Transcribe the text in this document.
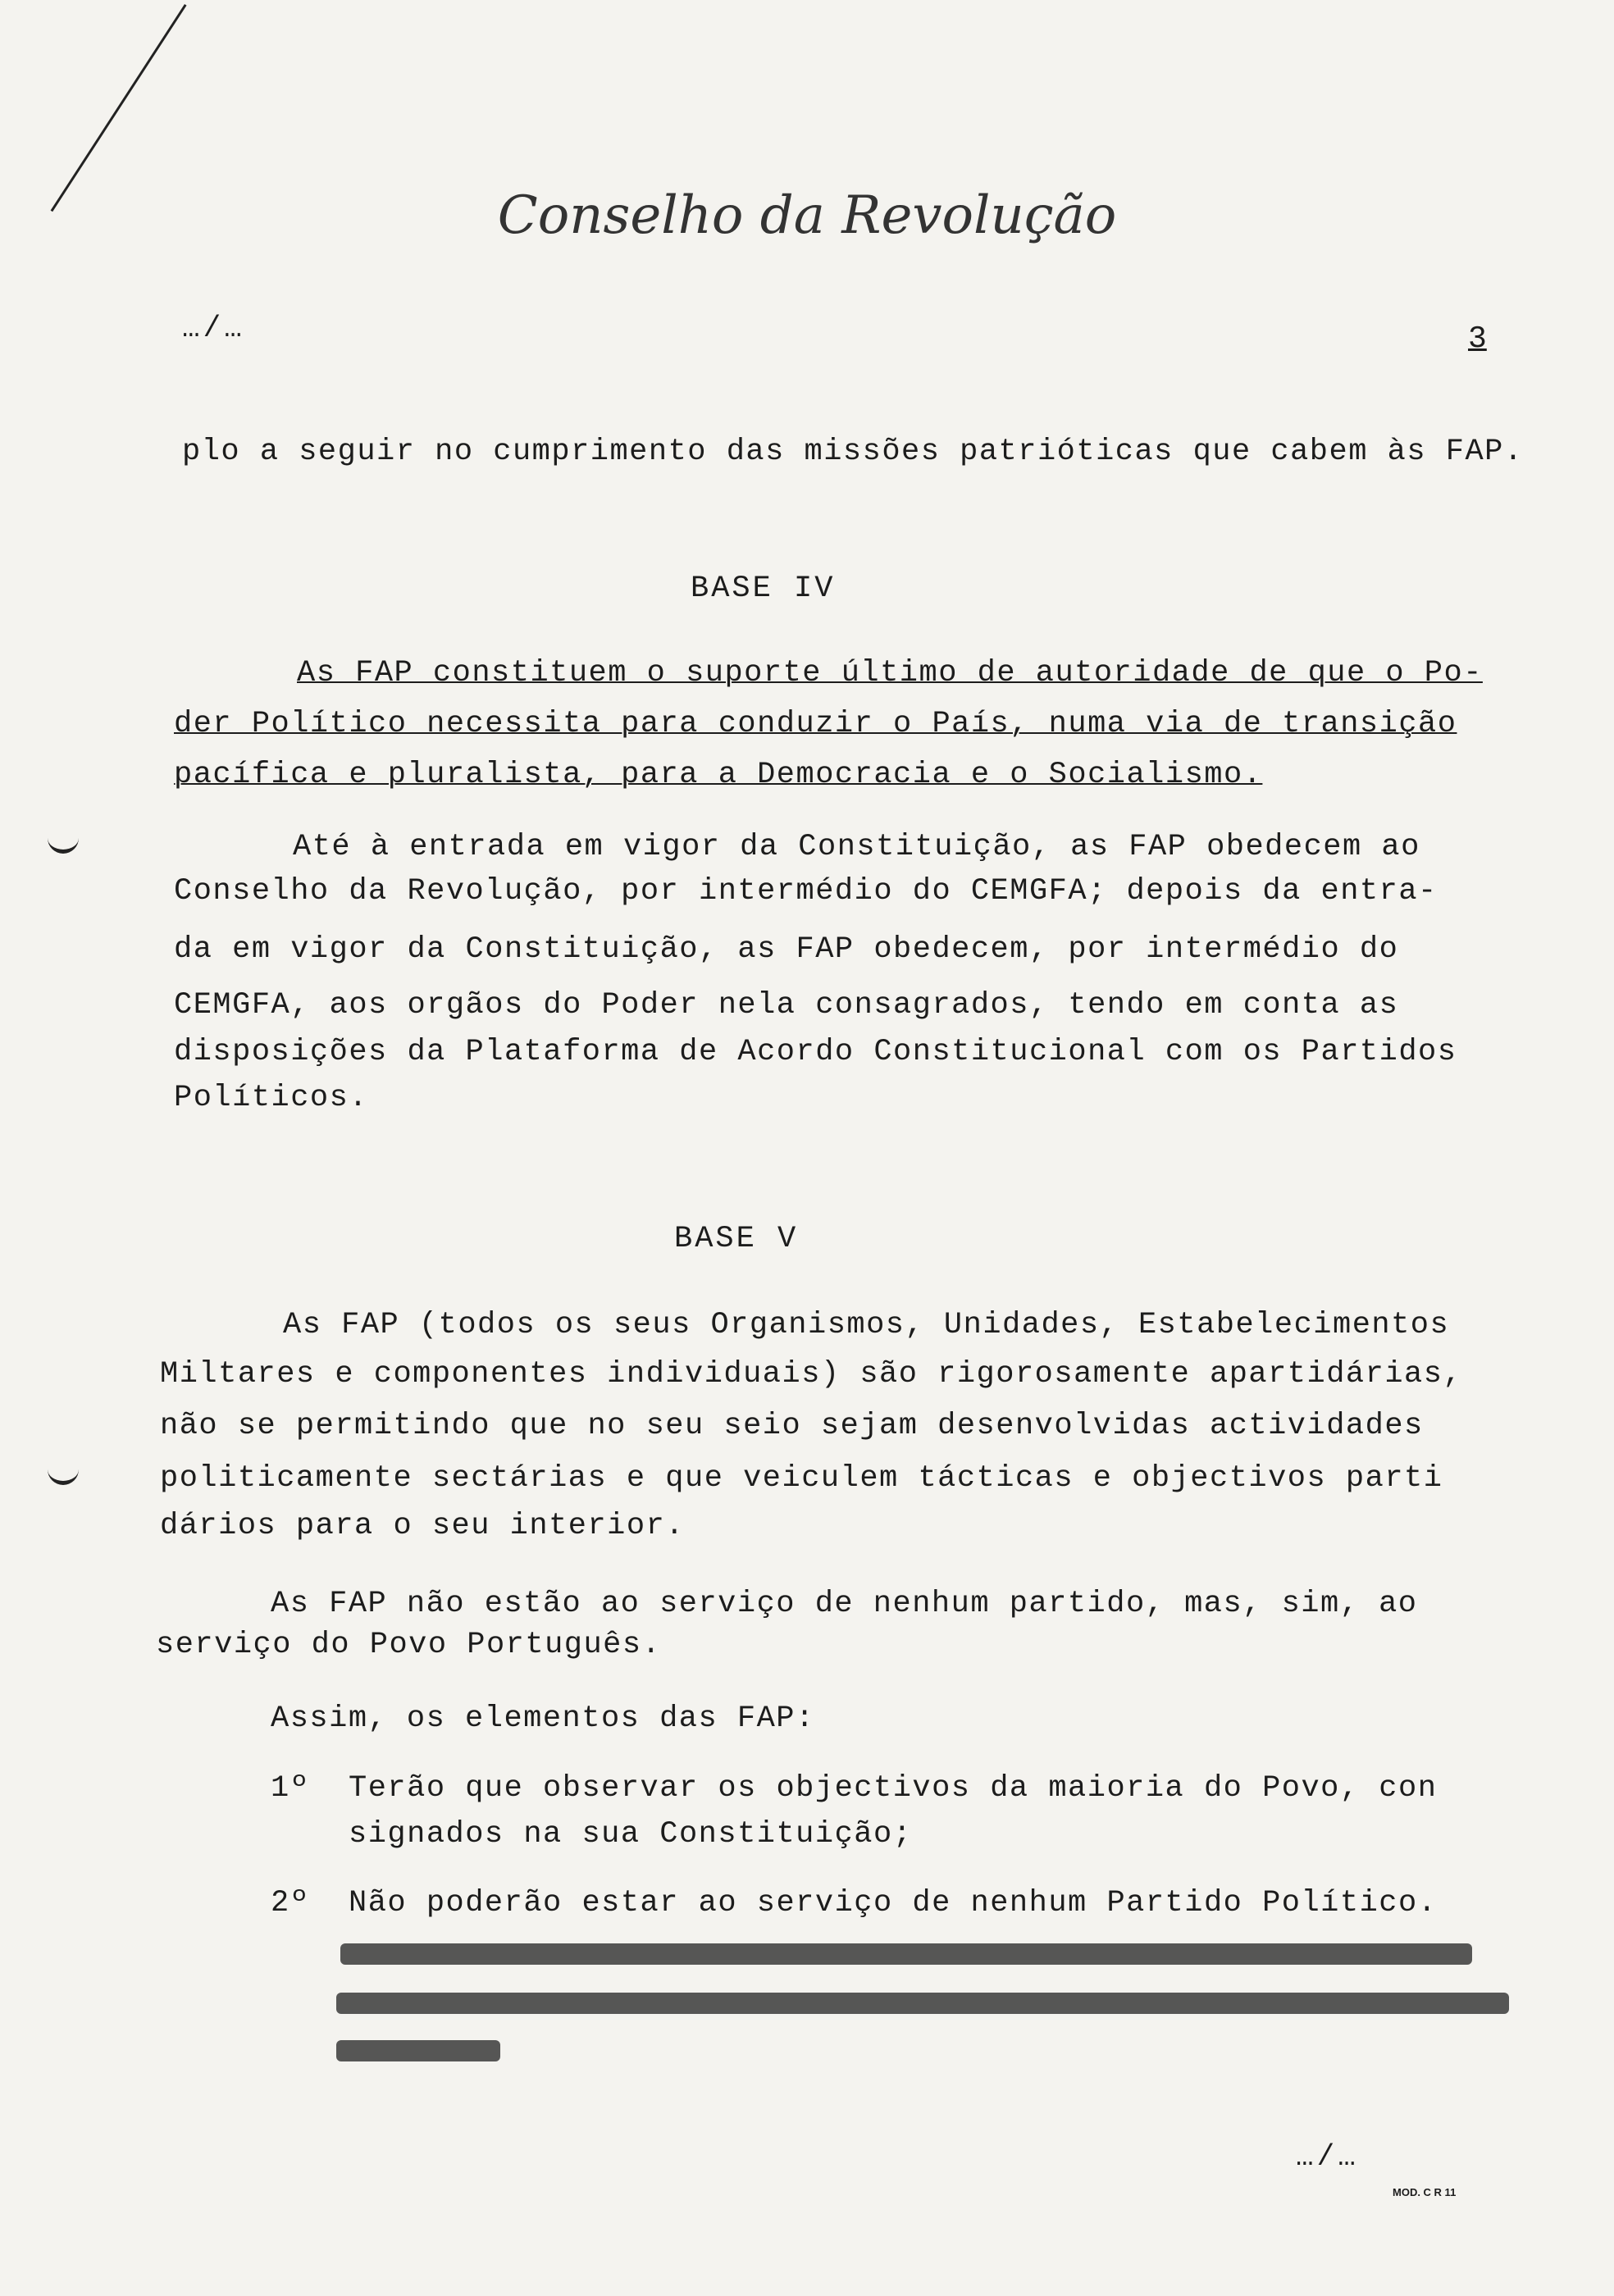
Conselho da Revolução
…/…	3
plo a seguir no cumprimento das missões patrióticas que cabem às FAP.
BASE IV
As FAP constituem o suporte último de autoridade de que o Po-
der Político necessita para conduzir o País, numa via de transição
pacífica e pluralista, para a Democracia e o Socialismo.
Até à entrada em vigor da Constituição, as FAP obedecem ao
Conselho da Revolução, por intermédio do CEMGFA; depois da entra-
da em vigor da Constituição, as FAP obedecem, por intermédio do
CEMGFA, aos orgãos do Poder nela consagrados, tendo em conta as
disposições da Plataforma de Acordo Constitucional com os Partidos
Políticos.
BASE V
As FAP (todos os seus Organismos, Unidades, Estabelecimentos
Miltares e componentes individuais) são rigorosamente apartidárias,
não se permitindo que no seu seio sejam desenvolvidas actividades
politicamente sectárias e que veiculem tácticas e objectivos parti
dários para o seu interior.
As FAP não estão ao serviço de nenhum partido, mas, sim, ao
serviço do Povo Português.
Assim, os elementos das FAP:
1º Terão que observar os objectivos da maioria do Povo, con
signados na sua Constituição;
2º Não poderão estar ao serviço de nenhum Partido Político.
…/…
MOD. C R 11
